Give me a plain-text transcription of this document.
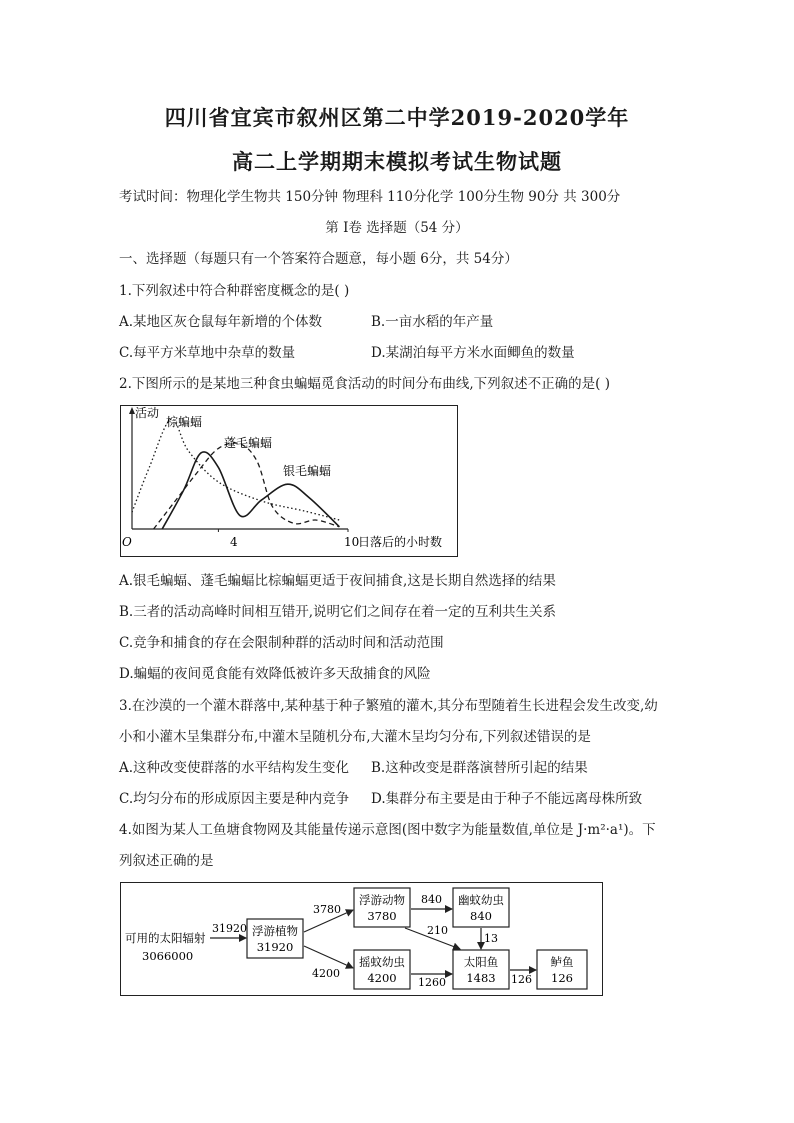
四川省宜宾市叙州区第二中学2019-2020学年
高二上学期期末模拟考试生物试题
考试时间：物理化学生物共 150分钟 物理科 110分化学 100分生物 90分 共 300分
第 I卷 选择题（54 分）
一、选择题（每题只有一个答案符合题意，每小题 6分，共 54分）
1.下列叙述中符合种群密度概念的是( )
A.某地区灰仓鼠每年新增的个体数	B.一亩水稻的年产量
C.每平方米草地中杂草的数量	D.某湖泊每平方米水面鲫鱼的数量
2.下图所示的是某地三种食虫蝙蝠觅食活动的时间分布曲线,下列叙述不正确的是( )
活动
O	4	10
日落后的小时数
棕蝙蝠
蓬毛蝙蝠
银毛蝙蝠
A.银毛蝙蝠、蓬毛蝙蝠比棕蝙蝠更适于夜间捕食,这是长期自然选择的结果
B.三者的活动高峰时间相互错开,说明它们之间存在着一定的互利共生关系
C.竞争和捕食的存在会限制种群的活动时间和活动范围
D.蝙蝠的夜间觅食能有效降低被许多天敌捕食的风险
3.在沙漠的一个灌木群落中,某种基于种子繁殖的灌木,其分布型随着生长进程会发生改变,幼
小和小灌木呈集群分布,中灌木呈随机分布,大灌木呈均匀分布,下列叙述错误的是
A.这种改变使群落的水平结构发生变化 B.这种改变是群落演替所引起的结果
C.均匀分布的形成原因主要是种内竞争 D.集群分布主要是由于种子不能远离母株所致
4.如图为某人工鱼塘食物网及其能量传递示意图(图中数字为能量数值,单位是 J·m²·a¹)。下
列叙述正确的是
可用的太阳辐射
3066000
浮游植物
31920
浮游动物
3780
幽蚊幼虫
840
摇蚊幼虫
4200
太阳鱼
1483
鲈鱼
126
31920
3780
4200
840
210
13
1260	126
